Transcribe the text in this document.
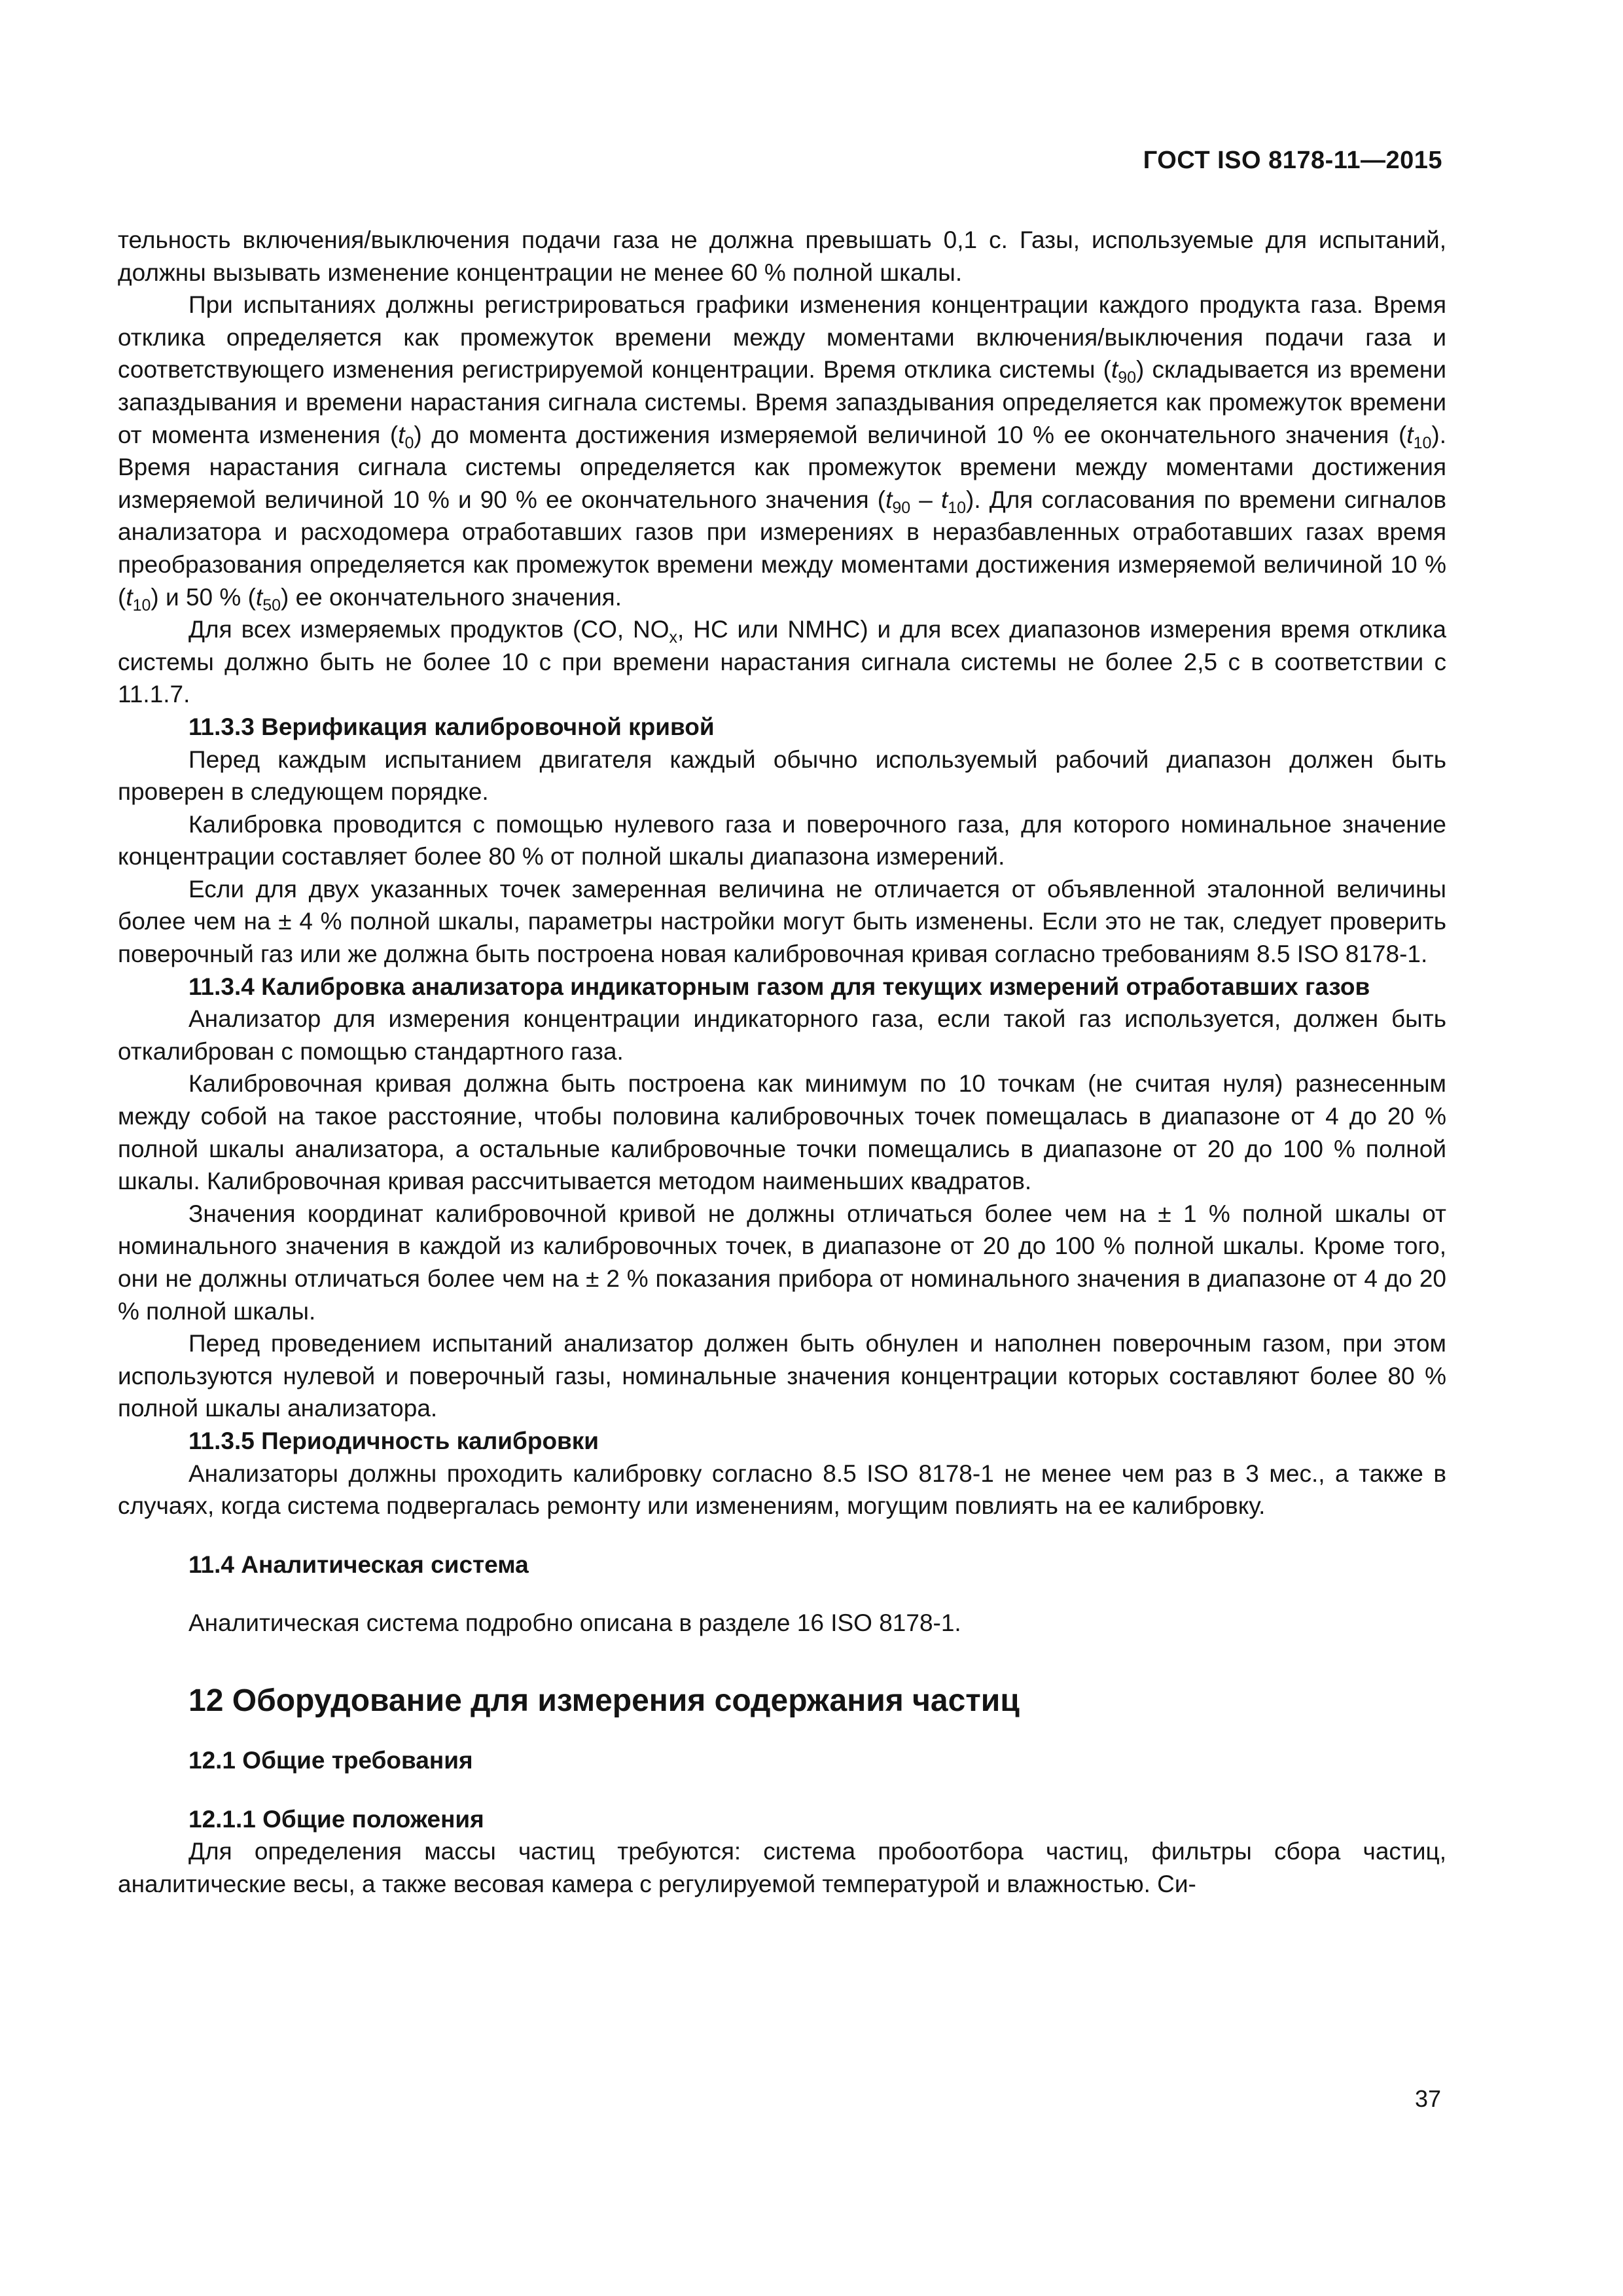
ГОСТ ISO 8178-11—2015

тельность включения/выключения подачи газа не должна превышать 0,1 с. Газы, используемые для испытаний, должны вызывать изменение концентрации не менее 60 % полной шкалы.

При испытаниях должны регистрироваться графики изменения концентрации каждого продукта газа. Время отклика определяется как промежуток времени между моментами включения/выключения подачи газа и соответствующего изменения регистрируемой концентрации. Время отклика системы $(t_{90})$ складывается из времени запаздывания и времени нарастания сигнала системы. Время запаздывания определяется как промежуток времени от момента изменения $(t_0)$ до момента достижения измеряемой величиной 10 % ее окончательного значения $(t_{10})$. Время нарастания сигнала системы определяется как промежуток времени между моментами достижения измеряемой величиной 10 % и 90 % ее окончательного значения $(t_{90} - t_{10})$. Для согласования по времени сигналов анализатора и расходомера отработавших газов при измерениях в неразбавленных отработавших газах время преобразования определяется как промежуток времени между моментами достижения измеряемой величиной 10 % $(t_{10})$ и 50 % $(t_{50})$ ее окончательного значения.

Для всех измеряемых продуктов (CO, $NO_x$, HC или NMHC) и для всех диапазонов измерения время отклика системы должно быть не более 10 с при времени нарастания сигнала системы не более 2,5 с в соответствии с 11.1.7.

11.3.3 Верификация калибровочной кривой

Перед каждым испытанием двигателя каждый обычно используемый рабочий диапазон должен быть проверен в следующем порядке.

Калибровка проводится с помощью нулевого газа и поверочного газа, для которого номинальное значение концентрации составляет более 80 % от полной шкалы диапазона измерений.

Если для двух указанных точек замеренная величина не отличается от объявленной эталонной величины более чем на ± 4 % полной шкалы, параметры настройки могут быть изменены. Если это не так, следует проверить поверочный газ или же должна быть построена новая калибровочная кривая согласно требованиям 8.5 ISO 8178-1.

11.3.4 Калибровка анализатора индикаторным газом для текущих измерений отработавших газов

Анализатор для измерения концентрации индикаторного газа, если такой газ используется, должен быть откалиброван с помощью стандартного газа.

Калибровочная кривая должна быть построена как минимум по 10 точкам (не считая нуля) разнесенным между собой на такое расстояние, чтобы половина калибровочных точек помещалась в диапазоне от 4 до 20 % полной шкалы анализатора, а остальные калибровочные точки помещались в диапазоне от 20 до 100 % полной шкалы. Калибровочная кривая рассчитывается методом наименьших квадратов.

Значения координат калибровочной кривой не должны отличаться более чем на ± 1 % полной шкалы от номинального значения в каждой из калибровочных точек, в диапазоне от 20 до 100 % полной шкалы. Кроме того, они не должны отличаться более чем на ± 2 % показания прибора от номинального значения в диапазоне от 4 до 20 % полной шкалы.

Перед проведением испытаний анализатор должен быть обнулен и наполнен поверочным газом, при этом используются нулевой и поверочный газы, номинальные значения концентрации которых составляют более 80 % полной шкалы анализатора.

11.3.5 Периодичность калибровки

Анализаторы должны проходить калибровку согласно 8.5 ISO 8178-1 не менее чем раз в 3 мес., а также в случаях, когда система подвергалась ремонту или изменениям, могущим повлиять на ее калибровку.

11.4 Аналитическая система

Аналитическая система подробно описана в разделе 16 ISO 8178-1.

12 Оборудование для измерения содержания частиц

12.1 Общие требования

12.1.1 Общие положения

Для определения массы частиц требуются: система пробоотбора частиц, фильтры сбора частиц, аналитические весы, а также весовая камера с регулируемой температурой и влажностью. Си-

37
